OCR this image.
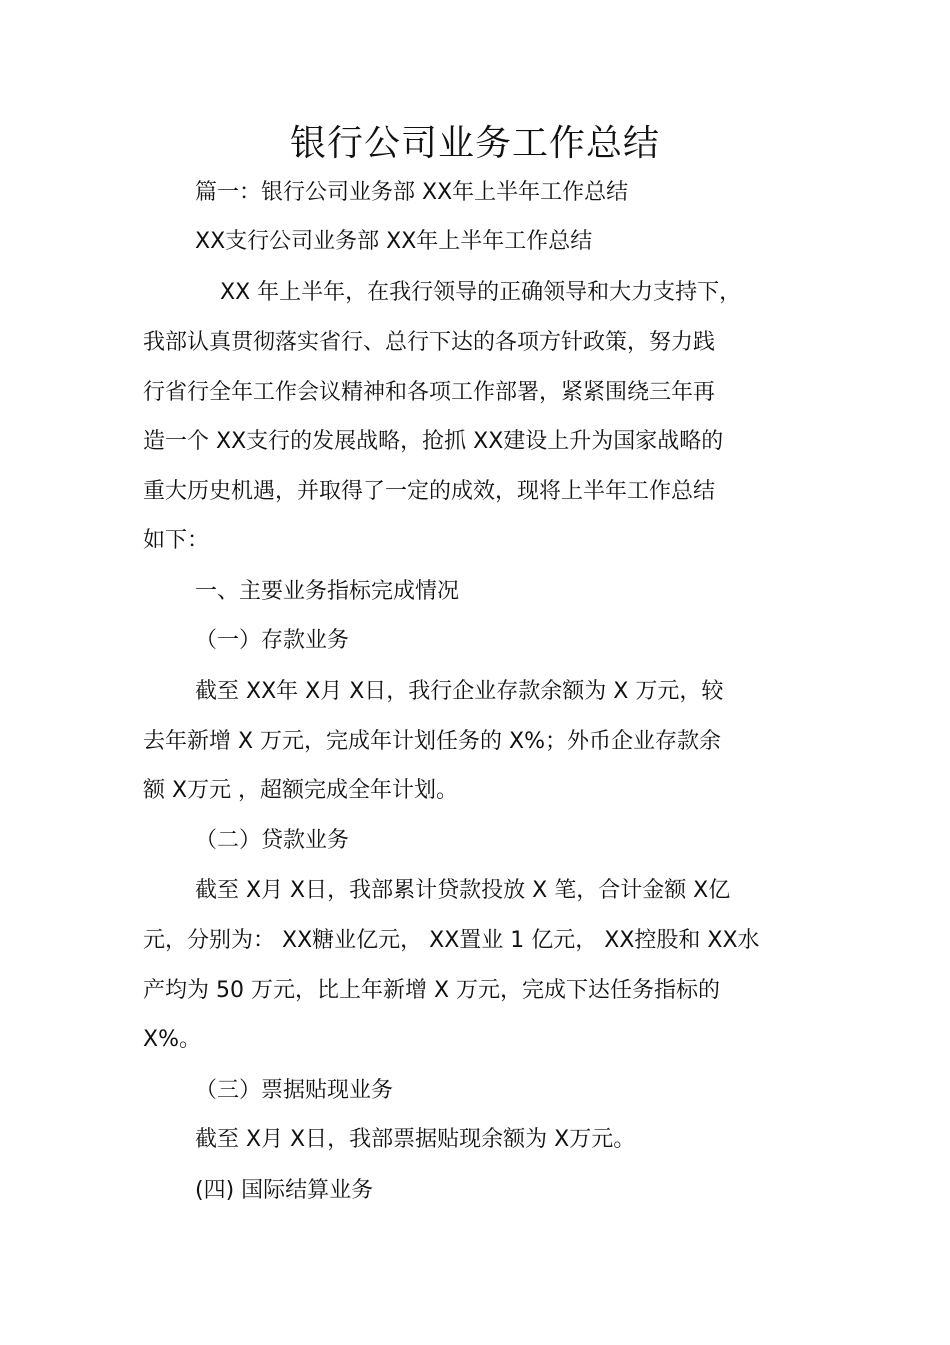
银行公司业务工作总结
篇一：银行公司业务部 XX年上半年工作总结
XX支行公司业务部 XX年上半年工作总结
XX 年上半年，在我行领导的正确领导和大力支持下，
我部认真贯彻落实省行、总行下达的各项方针政策，努力践
行省行全年工作会议精神和各项工作部署，紧紧围绕三年再
造一个 XX支行的发展战略，抢抓 XX建设上升为国家战略的
重大历史机遇，并取得了一定的成效，现将上半年工作总结
如下：
一、主要业务指标完成情况
（一）存款业务
截至 XX年 X月 X日，我行企业存款余额为 X 万元，较
去年新增 X 万元，完成年计划任务的 X%；外币企业存款余
额 X万元 ，超额完成全年计划。
（二）贷款业务
截至 X月 X日，我部累计贷款投放 X 笔，合计金额 X亿
元，分别为： XX糖业亿元， XX置业 1 亿元， XX控股和 XX水
产均为 50 万元，比上年新增 X 万元，完成下达任务指标的
X%。
（三）票据贴现业务
截至 X月 X日，我部票据贴现余额为 X万元。
(四) 国际结算业务
